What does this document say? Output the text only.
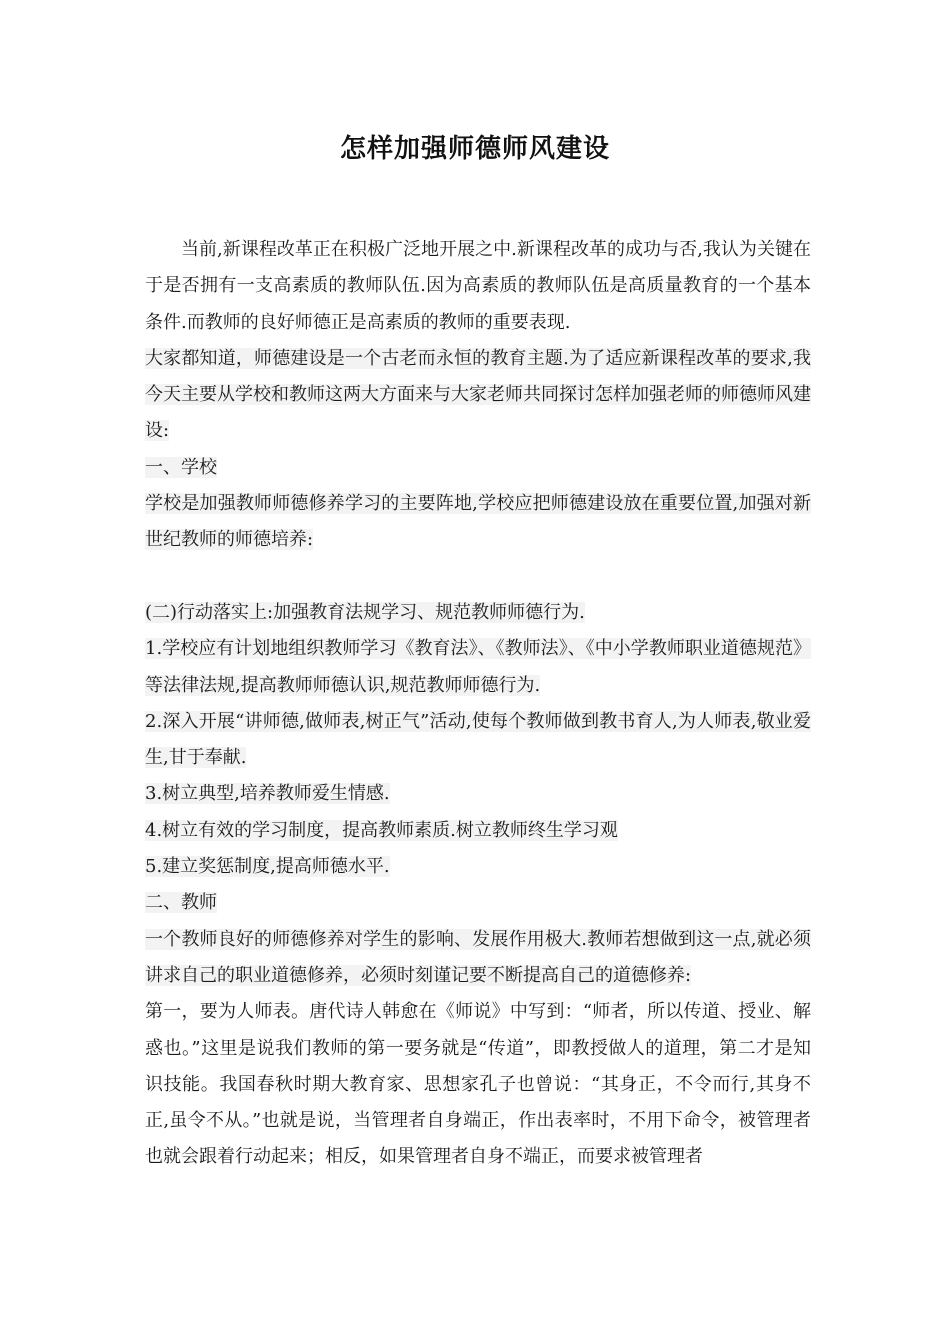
怎样加强师德师风建设

当前,新课程改革正在积极广泛地开展之中.新课程改革的成功与否,我认为关键在于是否拥有一支高素质的教师队伍.因为高素质的教师队伍是高质量教育的一个基本条件.而教师的良好师德正是高素质的教师的重要表现.

大家都知道，师德建设是一个古老而永恒的教育主题.为了适应新课程改革的要求,我今天主要从学校和教师这两大方面来与大家老师共同探讨怎样加强老师的师德师风建设:

一、学校

学校是加强教师师德修养学习的主要阵地,学校应把师德建设放在重要位置,加强对新世纪教师的师德培养:

(二)行动落实上:加强教育法规学习、规范教师师德行为.

1.学校应有计划地组织教师学习《教育法》、《教师法》、《中小学教师职业道德规范》等法律法规,提高教师师德认识,规范教师师德行为.

2.深入开展“讲师德,做师表,树正气”活动,使每个教师做到教书育人,为人师表,敬业爱生,甘于奉献.

3.树立典型,培养教师爱生情感.

4.树立有效的学习制度，提高教师素质.树立教师终生学习观

5.建立奖惩制度,提高师德水平.

二、教师

一个教师良好的师德修养对学生的影响、发展作用极大.教师若想做到这一点,就必须讲求自己的职业道德修养，必须时刻谨记要不断提高自己的道德修养:

第一，要为人师表。唐代诗人韩愈在《师说》中写到：“师者，所以传道、授业、解惑也。”这里是说我们教师的第一要务就是“传道”，即教授做人的道理，第二才是知识技能。我国春秋时期大教育家、思想家孔子也曾说：“其身正，不令而行,其身不正,虽令不从。”也就是说，当管理者自身端正，作出表率时，不用下命令，被管理者也就会跟着行动起来；相反，如果管理者自身不端正，而要求被管理者
